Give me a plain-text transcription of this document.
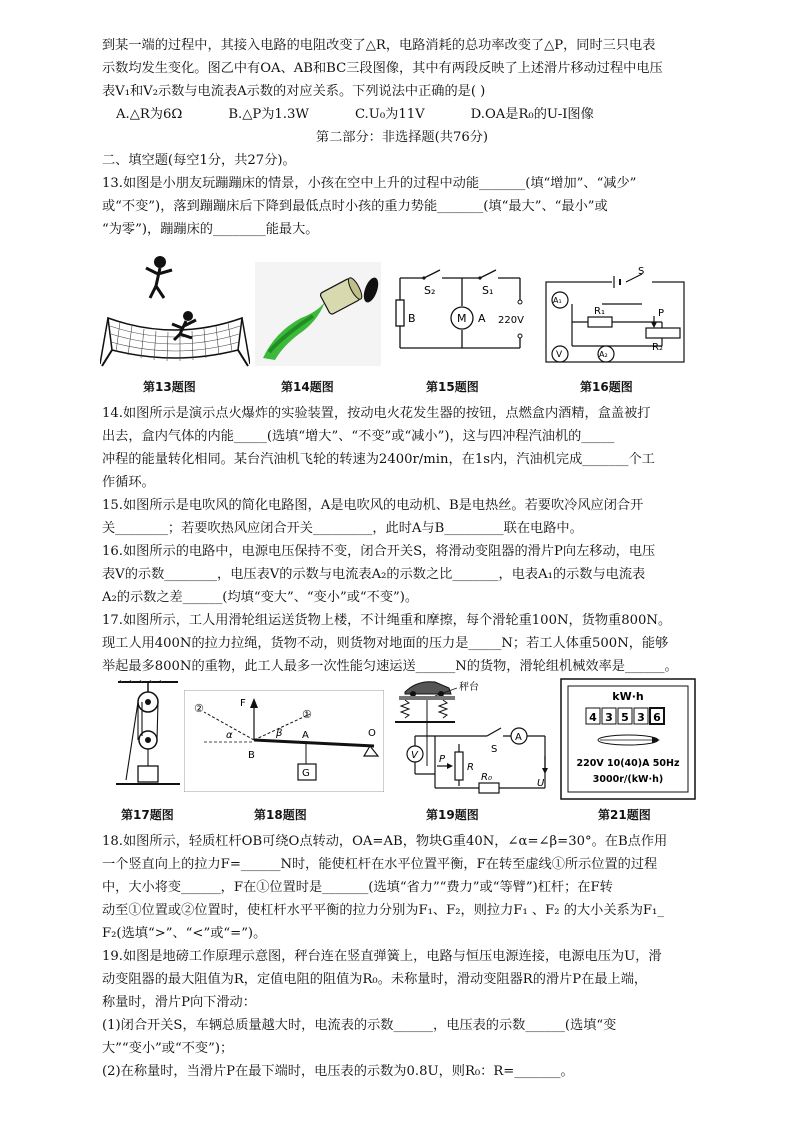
到某一端的过程中，其接入电路的电阻改变了△R，电路消耗的总功率改变了△P，同时三只电表
示数均发生变化。图乙中有OA、AB和BC三段图像，其中有两段反映了上述滑片移动过程中电压
表V₁和V₂示数与电流表A示数的对应关系。下列说法中正确的是( )
A.△R为6Ω	B.△P为1.3W	C.U₀为11V	D.OA是R₀的U-I图像
第二部分：非选择题(共76分)
二、填空题(每空1分，共27分)。
13.如图是小朋友玩蹦蹦床的情景，小孩在空中上升的过程中动能_______(填“增加”、“减少”
或“不变”)，落到蹦蹦床后下降到最低点时小孩的重力势能_______(填“最大”、“最小”或
“为零”)，蹦蹦床的________能最大。
S₂	S₁
B	M A 220V
S
A₁
R₁	P
R₂
V	A₂
第13题图	第14题图	第15题图	第16题图
14.如图所示是演示点火爆炸的实验装置，按动电火花发生器的按钮，点燃盒内酒精，盒盖被打
出去，盒内气体的内能_____(选填“增大”、“不变”或“减小”)，这与四冲程汽油机的_____
冲程的能量转化相同。某台汽油机飞轮的转速为2400r/min，在1s内，汽油机完成_______个工
作循环。
15.如图所示是电吹风的简化电路图，A是电吹风的电动机、B是电热丝。若要吹冷风应闭合开
关________；若要吹热风应闭合开关_________，此时A与B_________联在电路中。
16.如图所示的电路中，电源电压保持不变，闭合开关S，将滑动变阻器的滑片P向左移动，电压
表V的示数________，电压表V的示数与电流表A₂的示数之比_______，电表A₁的示数与电流表
A₂的示数之差______(均填“变大”、“变小”或“不变”)。
17.如图所示，工人用滑轮组运送货物上楼，不计绳重和摩擦，每个滑轮重100N，货物重800N。
现工人用400N的拉力拉绳，货物不动，则货物对地面的压力是_____N；若工人体重500N，能够
举起最多800N的重物，此工人最多一次性能匀速运送______N的货物，滑轮组机械效率是______。
②	①
F
α	β A	O
B
G
秤台
V
S
A
R
P
R₀
U
kW·h
4 3 5 3 6
220V 10(40)A 50Hz
3000r/(kW·h)
第17题图	第18题图	第19题图	第21题图
18.如图所示，轻质杠杆OB可绕O点转动，OA=AB，物块G重40N，∠α=∠β=30°。在B点作用
一个竖直向上的拉力F=______N时，能使杠杆在水平位置平衡，F在转至虚线①所示位置的过程
中，大小将变______，F在①位置时是_______(选填“省力”“费力”或“等臂”)杠杆；在F转
动至①位置或②位置时，使杠杆水平平衡的拉力分别为F₁、F₂，则拉力F₁ 、F₂ 的大小关系为F₁_
F₂(选填“>”、“<”或“=”)。
19.如图是地磅工作原理示意图，秤台连在竖直弹簧上，电路与恒压电源连接，电源电压为U，滑
动变阻器的最大阻值为R，定值电阻的阻值为R₀。未称量时，滑动变阻器R的滑片P在最上端，
称量时，滑片P向下滑动：
(1)闭合开关S，车辆总质量越大时，电流表的示数______，电压表的示数______(选填“变
大”“变小”或“不变”)；
(2)在称量时，当滑片P在最下端时，电压表的示数为0.8U，则R₀：R=_______。
